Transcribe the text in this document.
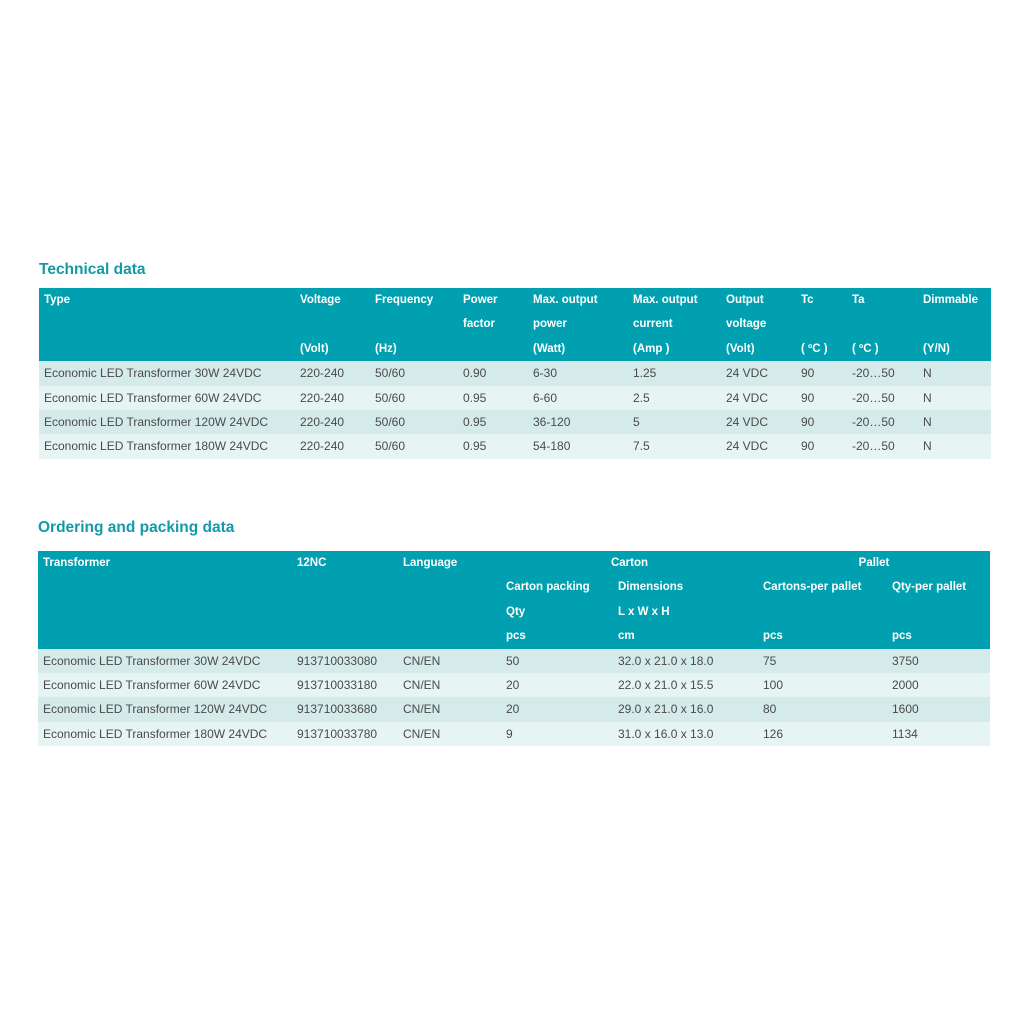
Technical data
Type	Voltage	Frequency	Power	Max. output	Max. output	Output	Tc	Ta	Dimmable
			factor	power	current	voltage			
	(Volt)	(Hz)		(Watt)	(Amp )	(Volt)	( ºC )	( ºC )	(Y/N)
Economic LED Transformer 30W 24VDC	220-240	50/60	0.90	6-30	1.25	24 VDC	90	-20…50	N
Economic LED Transformer 60W 24VDC	220-240	50/60	0.95	6-60	2.5	24 VDC	90	-20…50	N
Economic LED Transformer 120W 24VDC	220-240	50/60	0.95	36-120	5	24 VDC	90	-20…50	N
Economic LED Transformer 180W 24VDC	220-240	50/60	0.95	54-180	7.5	24 VDC	90	-20…50	N
Ordering and packing data
Transformer	12NC	Language	Carton		Pallet	
			Carton packing	Dimensions	Cartons-per pallet	Qty-per pallet
			Qty	L x W x H		
			pcs	cm	pcs	pcs
Economic LED Transformer 30W 24VDC	913710033080	CN/EN	50	32.0 x 21.0 x 18.0	75	3750
Economic LED Transformer 60W 24VDC	913710033180	CN/EN	20	22.0 x 21.0 x 15.5	100	2000
Economic LED Transformer 120W 24VDC	913710033680	CN/EN	20	29.0 x 21.0 x 16.0	80	1600
Economic LED Transformer 180W 24VDC	913710033780	CN/EN	9	31.0 x 16.0 x 13.0	126	1134
